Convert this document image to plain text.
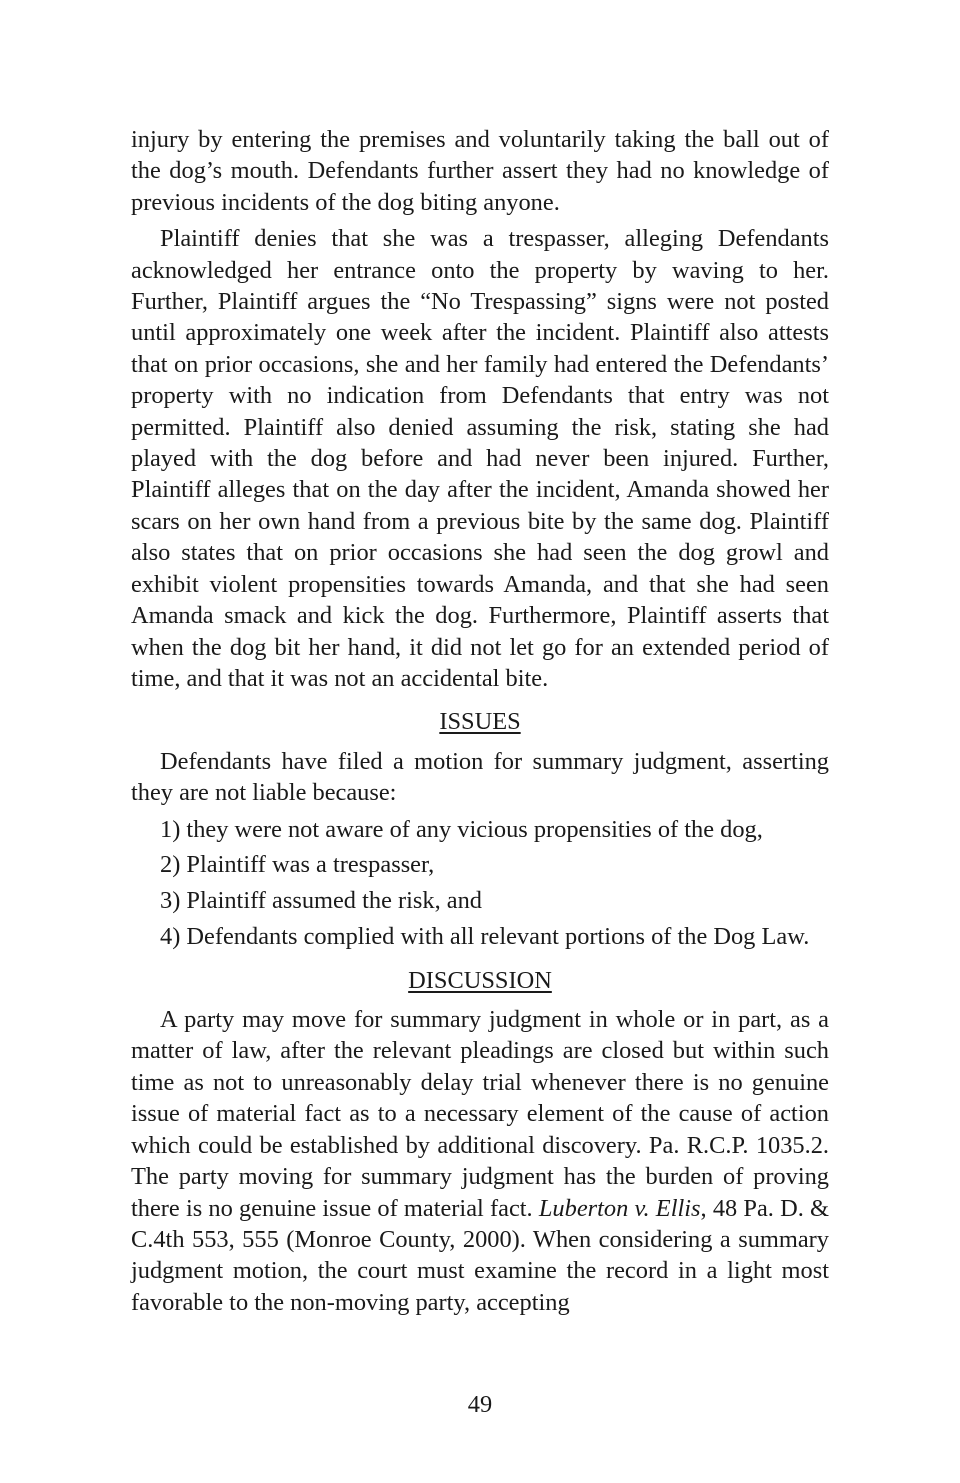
injury by entering the premises and voluntarily taking the ball out of the dog’s mouth. Defendants further assert they had no knowledge of previous incidents of the dog biting anyone.

Plaintiff denies that she was a trespasser, alleging Defendants acknowledged her entrance onto the property by waving to her. Further, Plaintiff argues the “No Trespassing” signs were not posted until approximately one week after the incident. Plaintiff also attests that on prior occasions, she and her family had entered the Defendants’ property with no indication from Defendants that entry was not permitted. Plaintiff also denied assuming the risk, stating she had played with the dog before and had never been injured. Further, Plaintiff alleges that on the day after the incident, Amanda showed her scars on her own hand from a previous bite by the same dog. Plaintiff also states that on prior occasions she had seen the dog growl and exhibit violent propensities towards Amanda, and that she had seen Amanda smack and kick the dog. Furthermore, Plaintiff asserts that when the dog bit her hand, it did not let go for an extended period of time, and that it was not an accidental bite.

ISSUES

Defendants have filed a motion for summary judgment, asserting they are not liable because:

1) they were not aware of any vicious propensities of the dog,
2) Plaintiff was a trespasser,
3) Plaintiff assumed the risk, and
4) Defendants complied with all relevant portions of the Dog Law.
DISCUSSION

A party may move for summary judgment in whole or in part, as a matter of law, after the relevant pleadings are closed but within such time as not to unreasonably delay trial whenever there is no genuine issue of material fact as to a necessary element of the cause of action which could be established by additional discovery. Pa. R.C.P. 1035.2. The party moving for summary judgment has the burden of proving there is no genuine issue of material fact. Luberton v. Ellis, 48 Pa. D. & C.4th 553, 555 (Monroe County, 2000). When considering a summary judgment motion, the court must examine the record in a light most favorable to the non-moving party, accepting

49
